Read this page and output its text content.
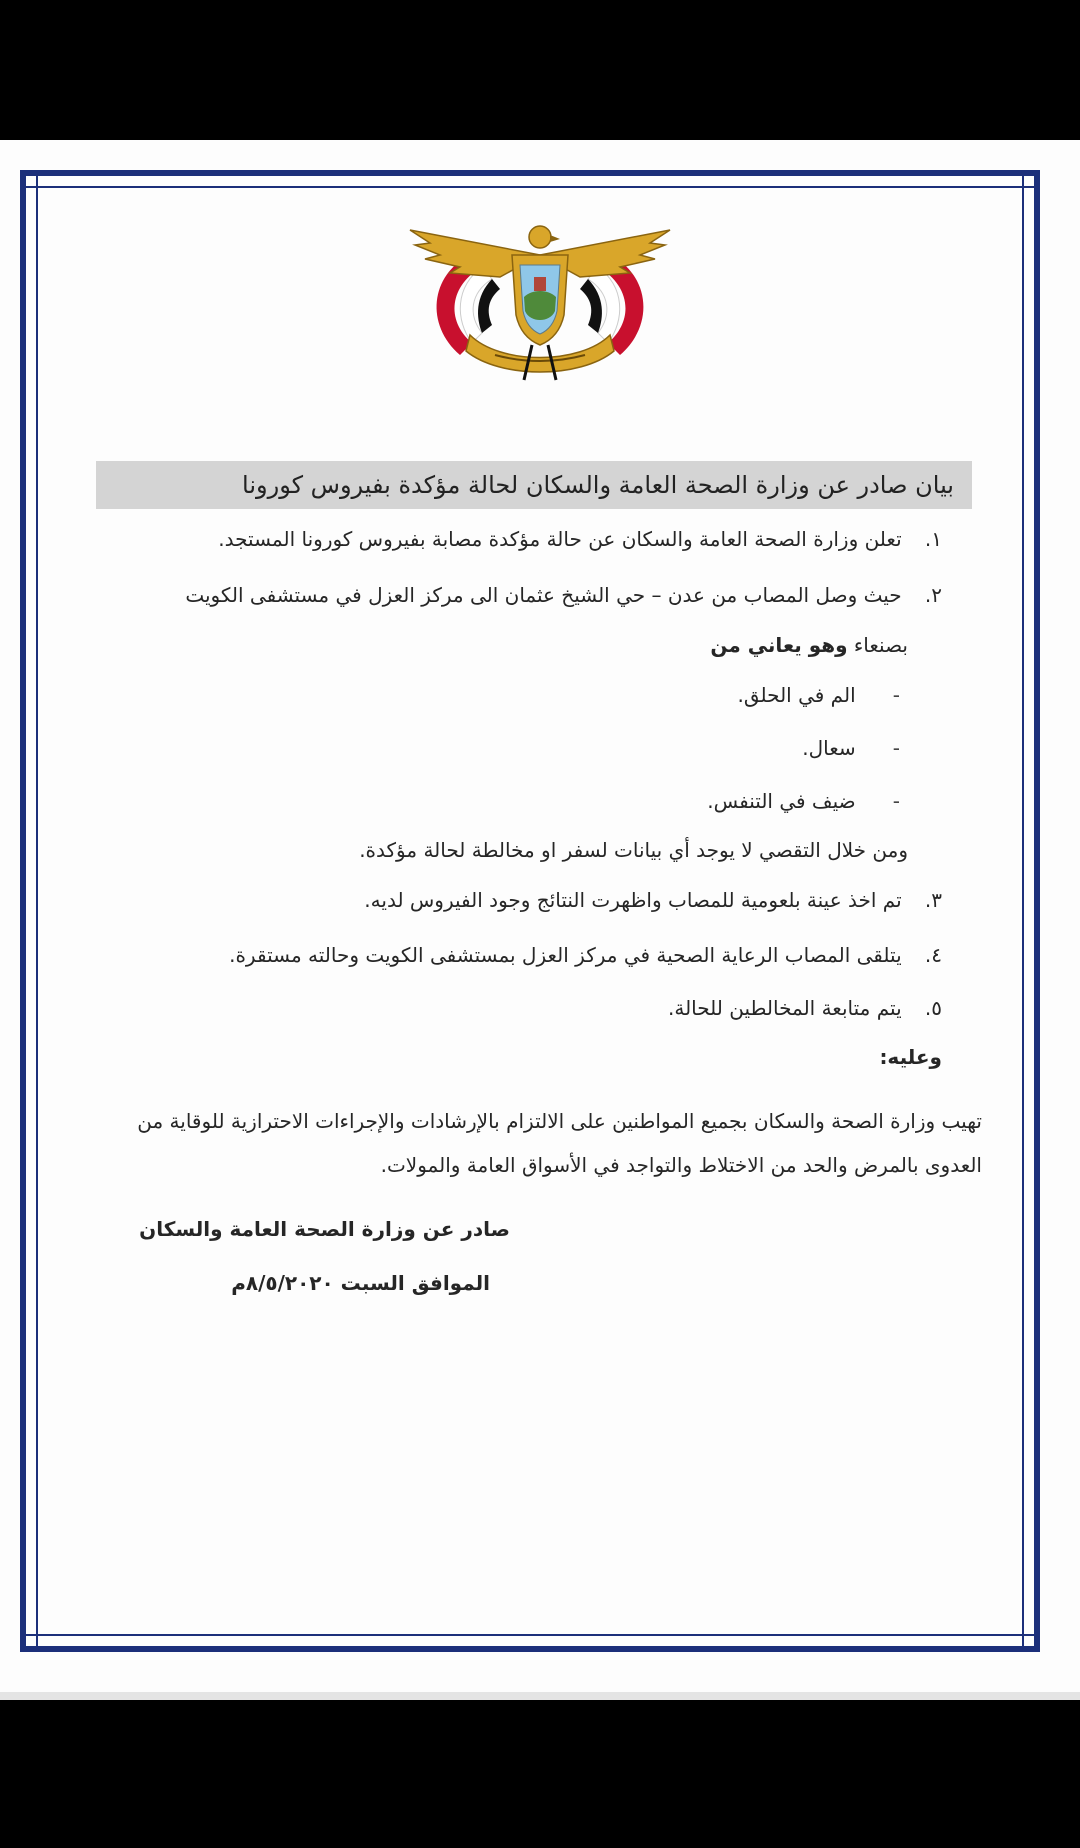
بيان صادر عن وزارة الصحة العامة والسكان لحالة مؤكدة بفيروس كورونا
١. تعلن وزارة الصحة العامة والسكان عن حالة مؤكدة مصابة بفيروس كورونا المستجد.
٢. حيث وصل المصاب من عدن – حي الشيخ عثمان الى مركز العزل في مستشفى الكويت
بصنعاء وهو يعاني من
- الم في الحلق.
- سعال.
- ضيف في التنفس.
ومن خلال التقصي لا يوجد أي بيانات لسفر او مخالطة لحالة مؤكدة.
٣. تم اخذ عينة بلعومية للمصاب واظهرت النتائج وجود الفيروس لديه.
٤. يتلقى المصاب الرعاية الصحية في مركز العزل بمستشفى الكويت وحالته مستقرة.
٥. يتم متابعة المخالطين للحالة.
وعليه:
تهيب وزارة الصحة والسكان بجميع المواطنين على الالتزام بالإرشادات والإجراءات الاحترازية للوقاية من
العدوى بالمرض والحد من الاختلاط والتواجد في الأسواق العامة والمولات.
صادر عن وزارة الصحة العامة والسكان
الموافق السبت ٨/٥/٢٠٢٠م
